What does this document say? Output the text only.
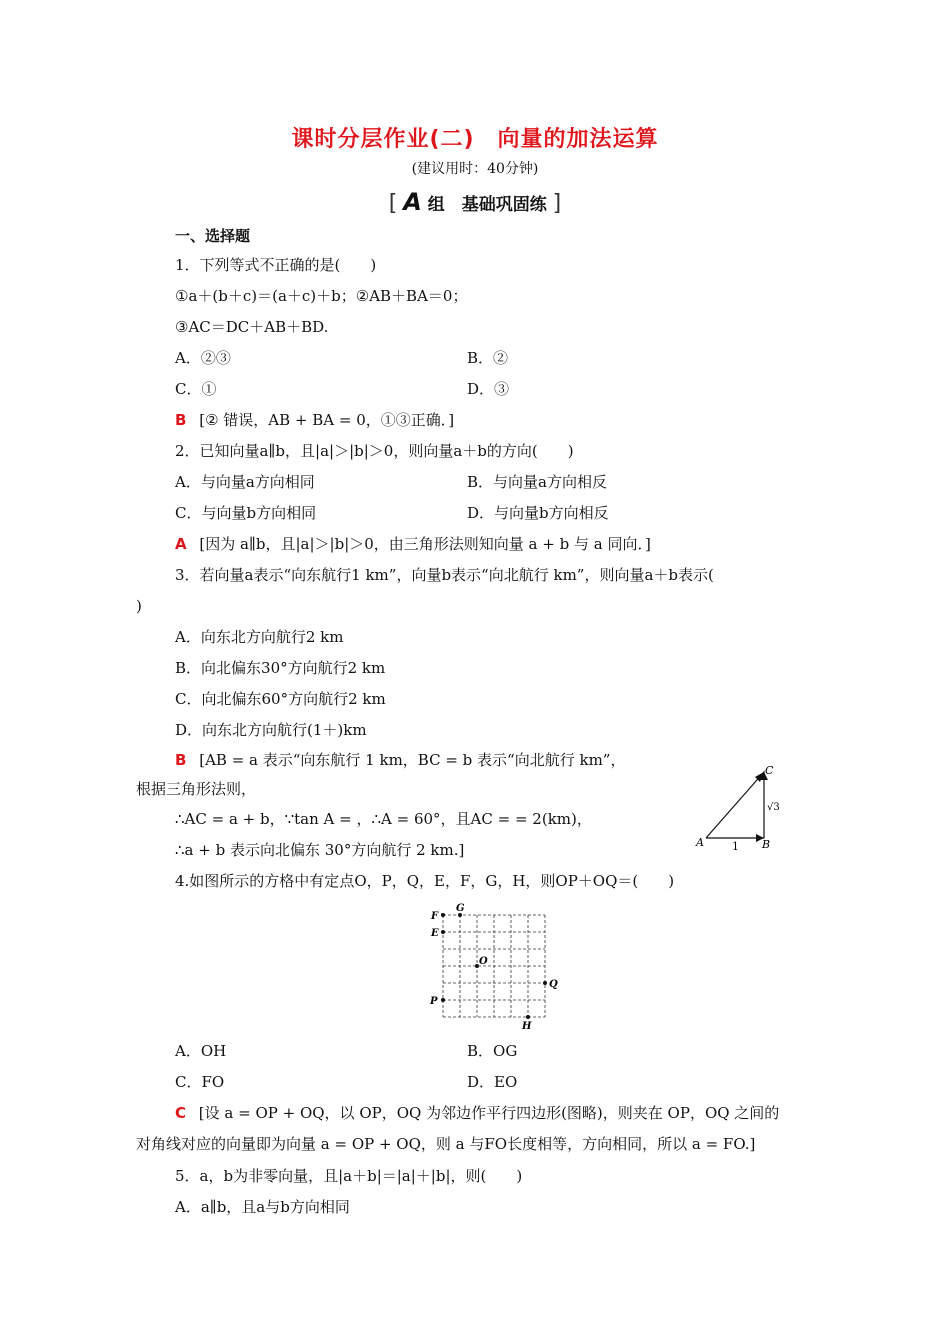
课时分层作业(二)　向量的加法运算
(建议用时：40分钟)
[ A 组　基础巩固练 ]
一、选择题
1．下列等式不正确的是(　　)
①a＋(b＋c)＝(a＋c)＋b；②AB＋BA＝0；
③AC＝DC＋AB＋BD.
A．②③	B．②
C．①	D．③
B [② 错误，AB + BA = 0，①③正确．]
2．已知向量a∥b，且|a|＞|b|＞0，则向量a＋b的方向(　　)
A．与向量a方向相同	B．与向量a方向相反
C．与向量b方向相同	D．与向量b方向相反
A [因为 a∥b，且|a|＞|b|＞0，由三角形法则知向量 a + b 与 a 同向．]
3．若向量a表示“向东航行1 km”，向量b表示“向北航行 km”，则向量a＋b表示(
)
A．向东北方向航行2 km
B．向北偏东30°方向航行2 km
C．向北偏东60°方向航行2 km
D．向东北方向航行(1＋)km
B [AB = a 表示“向东航行 1 km，BC = b 表示“向北航行 km”，
根据三角形法则，
∴AC = a + b，∵tan A = ，∴A = 60°，且AC = = 2(km)，
∴a + b 表示向北偏东 30°方向航行 2 km.]	A	B
C
1
√3
4.如图所示的方格中有定点O，P，Q，E，F，G，H，则OP＋OQ＝(　　)
F
G
E
O
Q
P
H
A．OH	B．OG
C．FO	D．EO
C [设 a = OP + OQ，以 OP，OQ 为邻边作平行四边形(图略)，则夹在 OP，OQ 之间的
对角线对应的向量即为向量 a = OP + OQ，则 a 与FO长度相等，方向相同，所以 a = FO.]
5．a，b为非零向量，且|a＋b|＝|a|＋|b|，则(　　)
A．a∥b，且a与b方向相同
